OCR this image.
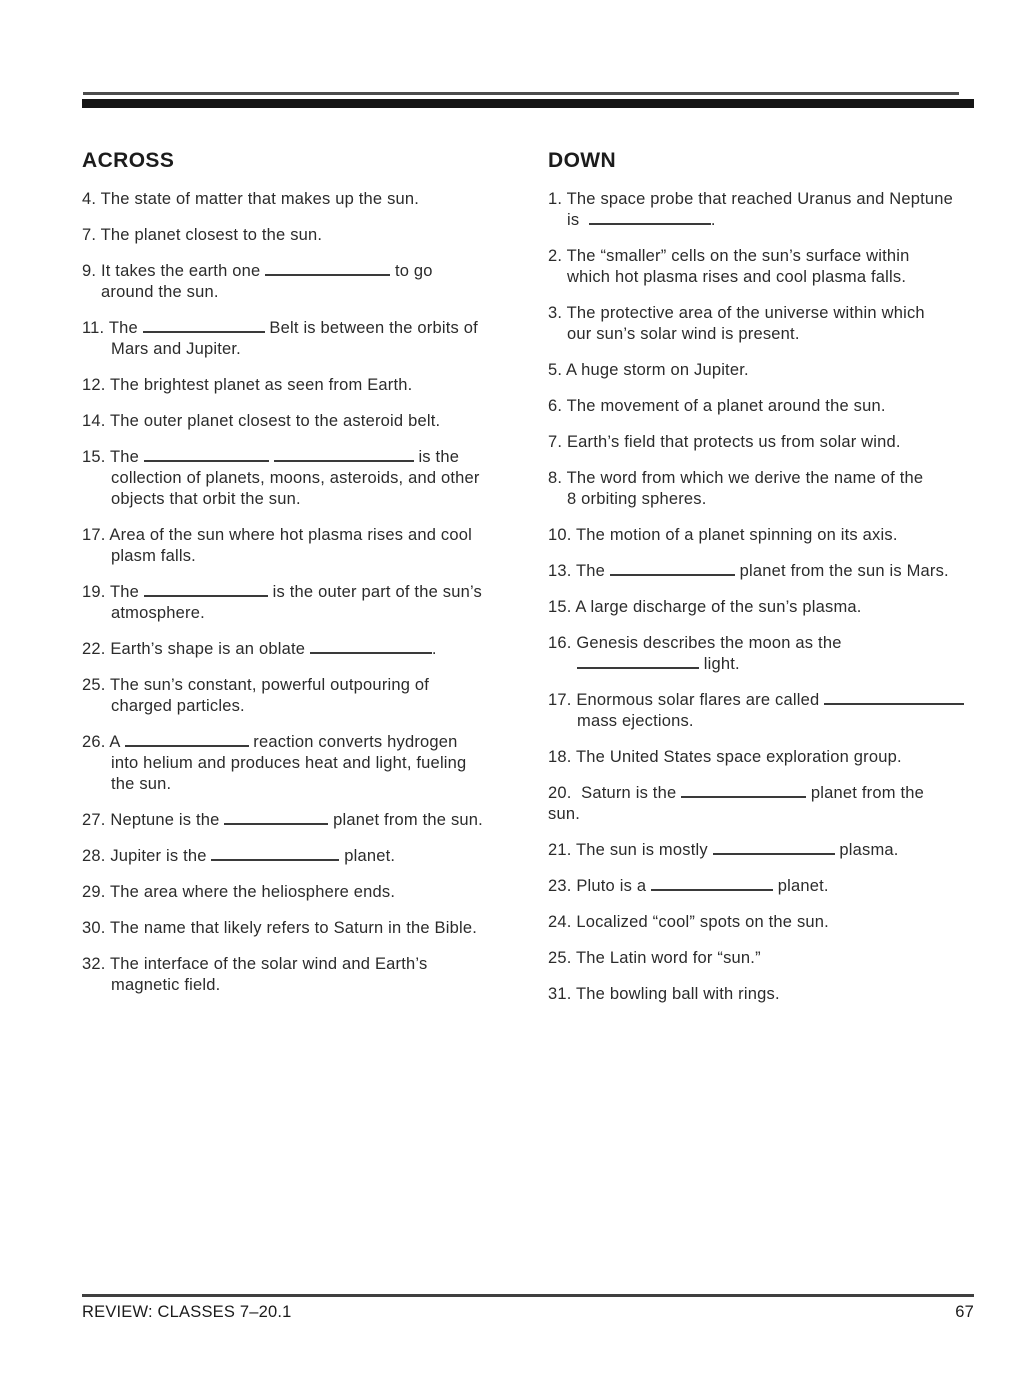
ACROSS
4. The state of matter that makes up the sun.
7. The planet closest to the sun.
9. It takes the earth one	to go
around the sun.
11. The	Belt is between the orbits of
Mars and Jupiter.
12. The brightest planet as seen from Earth.
14. The outer planet closest to the asteroid belt.
15. The	is the
collection of planets, moons, asteroids, and other
objects that orbit the sun.
17. Area of the sun where hot plasma rises and cool
plasm falls.
19. The	is the outer part of the sun’s
atmosphere.
22. Earth’s shape is an oblate	.
25. The sun’s constant, powerful outpouring of
charged particles.
26. A	reaction converts hydrogen
into helium and produces heat and light, fueling
the sun.
27. Neptune is the	planet from the sun.
28. Jupiter is the	planet.
29. The area where the heliosphere ends.
30. The name that likely refers to Saturn in the Bible.
32. The interface of the solar wind and Earth’s
magnetic field.
DOWN
1. The space probe that reached Uranus and Neptune
is	.
2. The “smaller” cells on the sun’s surface within
which hot plasma rises and cool plasma falls.
3. The protective area of the universe within which
our sun’s solar wind is present.
5. A huge storm on Jupiter.
6. The movement of a planet around the sun.
7. Earth’s field that protects us from solar wind.
8. The word from which we derive the name of the
8 orbiting spheres.
10. The motion of a planet spinning on its axis.
13. The	planet from the sun is Mars.
15. A large discharge of the sun’s plasma.
16. Genesis describes the moon as the
light.
17. Enormous solar flares are called
mass ejections.
18. The United States space exploration group.
20.  Saturn is the	planet from the
sun.
21. The sun is mostly	plasma.
23. Pluto is a	planet.
24. Localized “cool” spots on the sun.
25. The Latin word for “sun.”
31. The bowling ball with rings.
REVIEW: CLASSES 7–20.1	67
